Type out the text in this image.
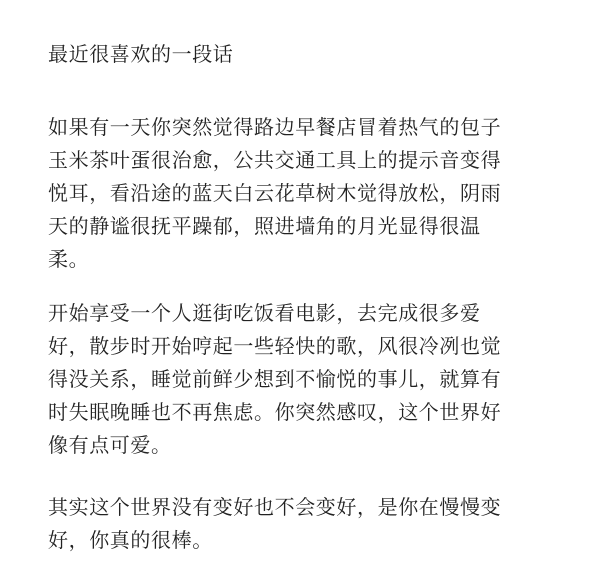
最近很喜欢的一段话
如果有一天你突然觉得路边早餐店冒着热气的包子
玉米茶叶蛋很治愈，公共交通工具上的提示音变得
悦耳，看沿途的蓝天白云花草树木觉得放松，阴雨
天的静谧很抚平躁郁，照进墙角的月光显得很温
柔。
开始享受一个人逛街吃饭看电影，去完成很多爱
好，散步时开始哼起一些轻快的歌，风很冷冽也觉
得没关系，睡觉前鲜少想到不愉悦的事儿，就算有
时失眠晚睡也不再焦虑。你突然感叹，这个世界好
像有点可爱。
其实这个世界没有变好也不会变好，是你在慢慢变
好，你真的很棒。
